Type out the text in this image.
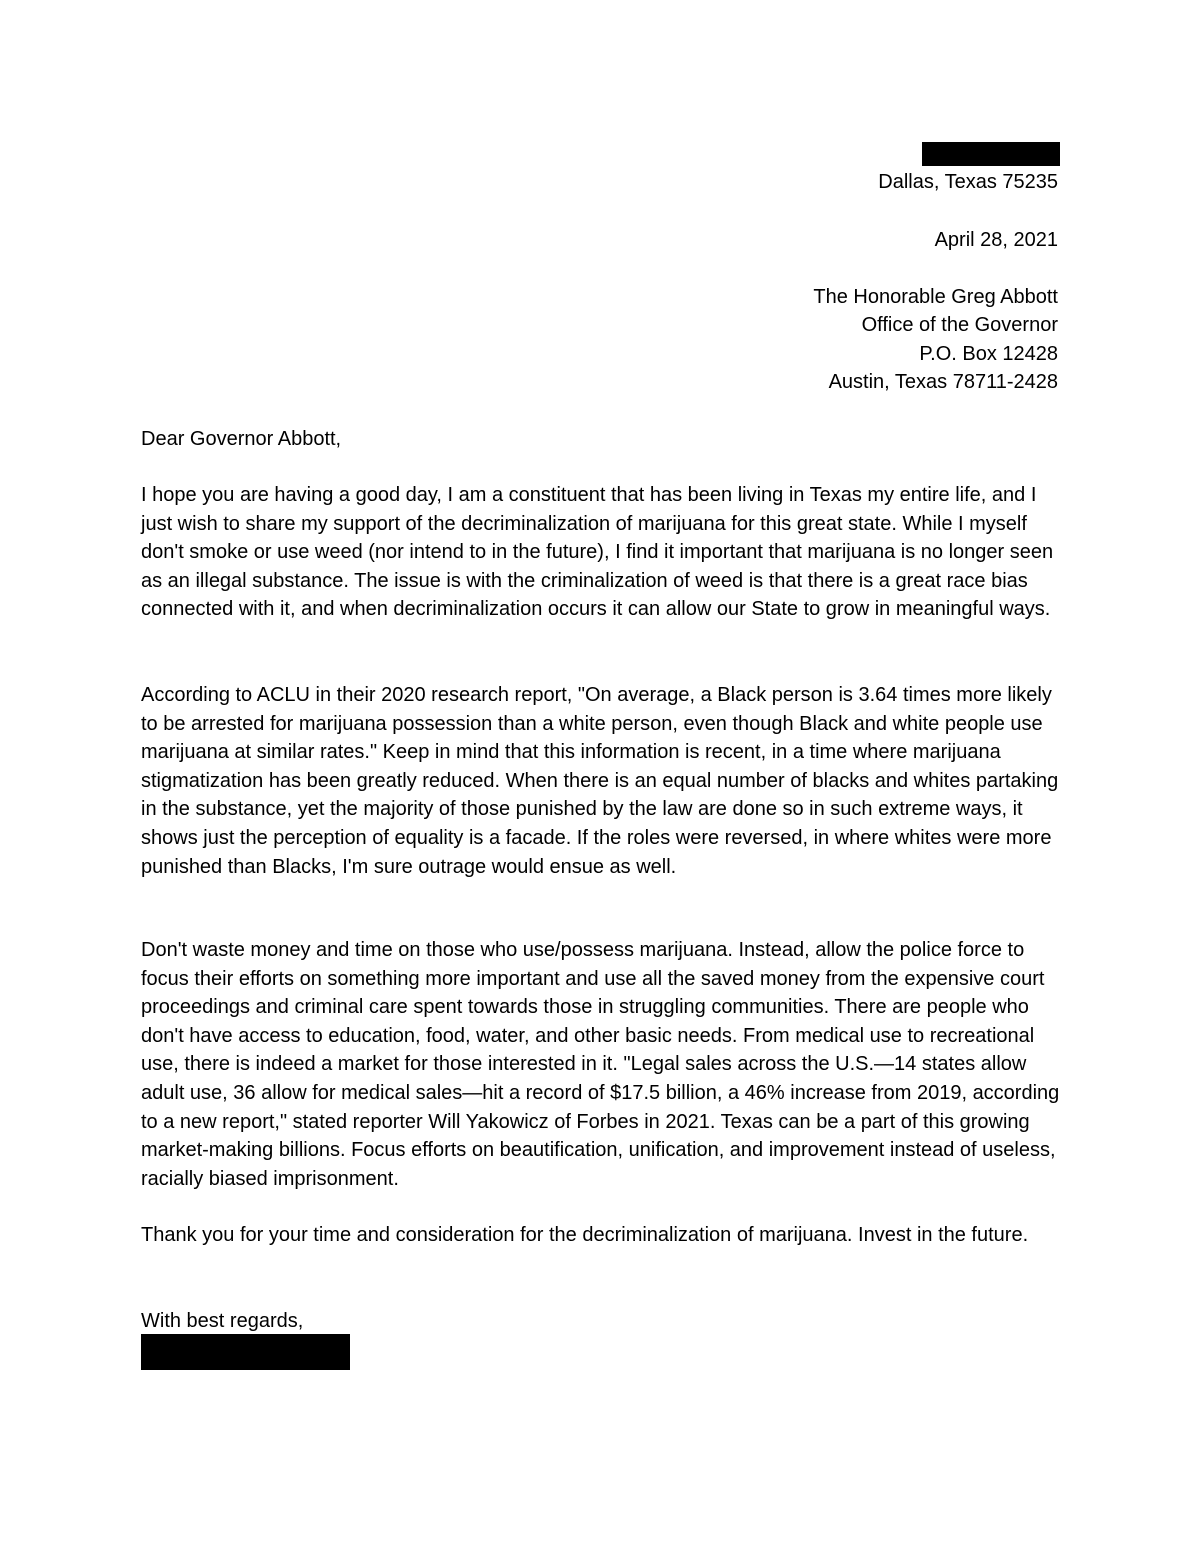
Dallas, Texas 75235
April 28, 2021
The Honorable Greg Abbott
Office of the Governor
P.O. Box 12428
Austin, Texas 78711-2428
Dear Governor Abbott,

I hope you are having a good day, I am a constituent that has been living in Texas my entire life, and I just wish to share my support of the decriminalization of marijuana for this great state. While I myself don't smoke or use weed (nor intend to in the future), I find it important that marijuana is no longer seen as an illegal substance. The issue is with the criminalization of weed is that there is a great race bias connected with it, and when decriminalization occurs it can allow our State to grow in meaningful ways.

According to ACLU in their 2020 research report, "On average, a Black person is 3.64 times more likely to be arrested for marijuana possession than a white person, even though Black and white people use marijuana at similar rates." Keep in mind that this information is recent, in a time where marijuana stigmatization has been greatly reduced. When there is an equal number of blacks and whites partaking in the substance, yet the majority of those punished by the law are done so in such extreme ways, it shows just the perception of equality is a facade. If the roles were reversed, in where whites were more punished than Blacks, I'm sure outrage would ensue as well.

Don't waste money and time on those who use/possess marijuana. Instead, allow the police force to focus their efforts on something more important and use all the saved money from the expensive court proceedings and criminal care spent towards those in struggling communities. There are people who don't have access to education, food, water, and other basic needs. From medical use to recreational use, there is indeed a market for those interested in it. "Legal sales across the U.S.—14 states allow adult use, 36 allow for medical sales—hit a record of $17.5 billion, a 46% increase from 2019, according to a new report," stated reporter Will Yakowicz of Forbes in 2021. Texas can be a part of this growing market-making billions. Focus efforts on beautification, unification, and improvement instead of useless, racially biased imprisonment.

Thank you for your time and consideration for the decriminalization of marijuana. Invest in the future.

With best regards,
